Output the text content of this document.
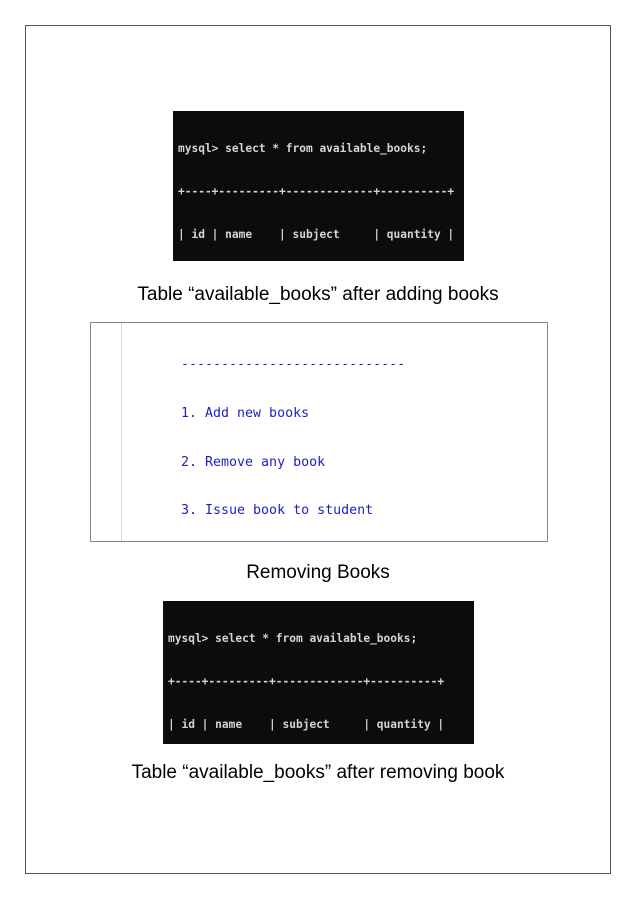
mysql> select * from available_books;

+----+---------+-------------+----------+

| id | name    | subject     | quantity |

Table “available_books” after adding books

----------------------------

1. Add new books

2. Remove any book

3. Issue book to student

Removing Books

mysql> select * from available_books;

+----+---------+-------------+----------+

| id | name    | subject     | quantity |

Table “available_books” after removing book
